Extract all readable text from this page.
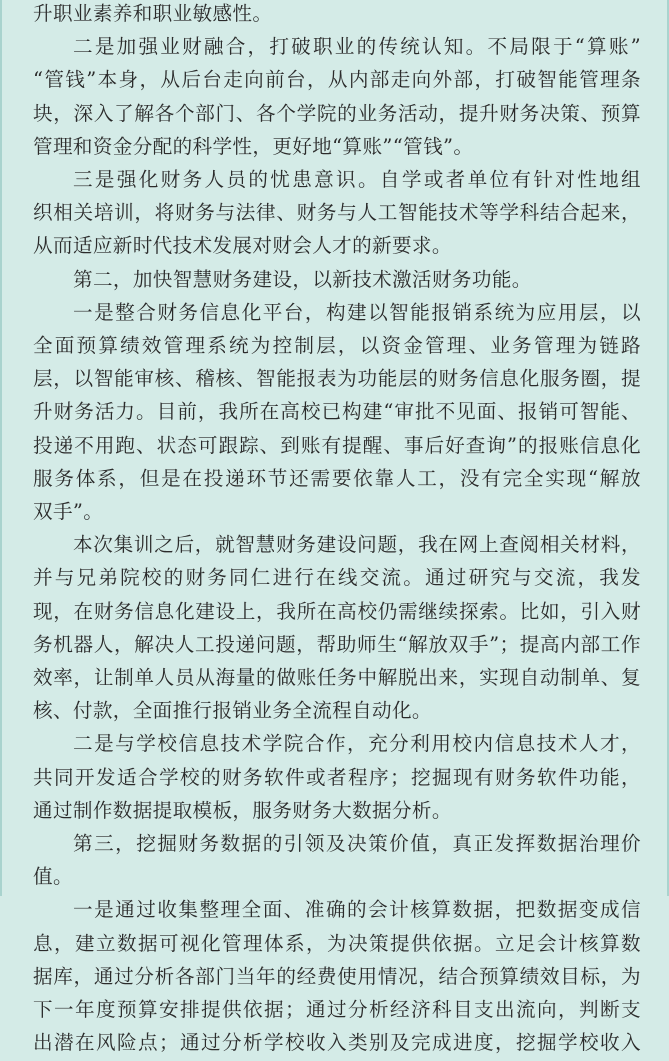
升职业素养和职业敏感性。
二是加强业财融合，打破职业的传统认知。不局限于“算账”
“管钱”本身，从后台走向前台，从内部走向外部，打破智能管理条
块，深入了解各个部门、各个学院的业务活动，提升财务决策、预算
管理和资金分配的科学性，更好地“算账”“管钱”。
三是强化财务人员的忧患意识。自学或者单位有针对性地组
织相关培训，将财务与法律、财务与人工智能技术等学科结合起来，
从而适应新时代技术发展对财会人才的新要求。
第二，加快智慧财务建设，以新技术激活财务功能。
一是整合财务信息化平台，构建以智能报销系统为应用层，以
全面预算绩效管理系统为控制层，以资金管理、业务管理为链路
层，以智能审核、稽核、智能报表为功能层的财务信息化服务圈，提
升财务活力。目前，我所在高校已构建“审批不见面、报销可智能、
投递不用跑、状态可跟踪、到账有提醒、事后好查询”的报账信息化
服务体系，但是在投递环节还需要依靠人工，没有完全实现“解放
双手”。
本次集训之后，就智慧财务建设问题，我在网上查阅相关材料，
并与兄弟院校的财务同仁进行在线交流。通过研究与交流，我发
现，在财务信息化建设上，我所在高校仍需继续探索。比如，引入财
务机器人，解决人工投递问题，帮助师生“解放双手”；提高内部工作
效率，让制单人员从海量的做账任务中解脱出来，实现自动制单、复
核、付款，全面推行报销业务全流程自动化。
二是与学校信息技术学院合作，充分利用校内信息技术人才，
共同开发适合学校的财务软件或者程序；挖掘现有财务软件功能，
通过制作数据提取模板，服务财务大数据分析。
第三，挖掘财务数据的引领及决策价值，真正发挥数据治理价
值。
一是通过收集整理全面、准确的会计核算数据，把数据变成信
息，建立数据可视化管理体系，为决策提供依据。立足会计核算数
据库，通过分析各部门当年的经费使用情况，结合预算绩效目标，为
下一年度预算安排提供依据；通过分析经济科目支出流向，判断支
出潜在风险点；通过分析学校收入类别及完成进度，挖掘学校收入
